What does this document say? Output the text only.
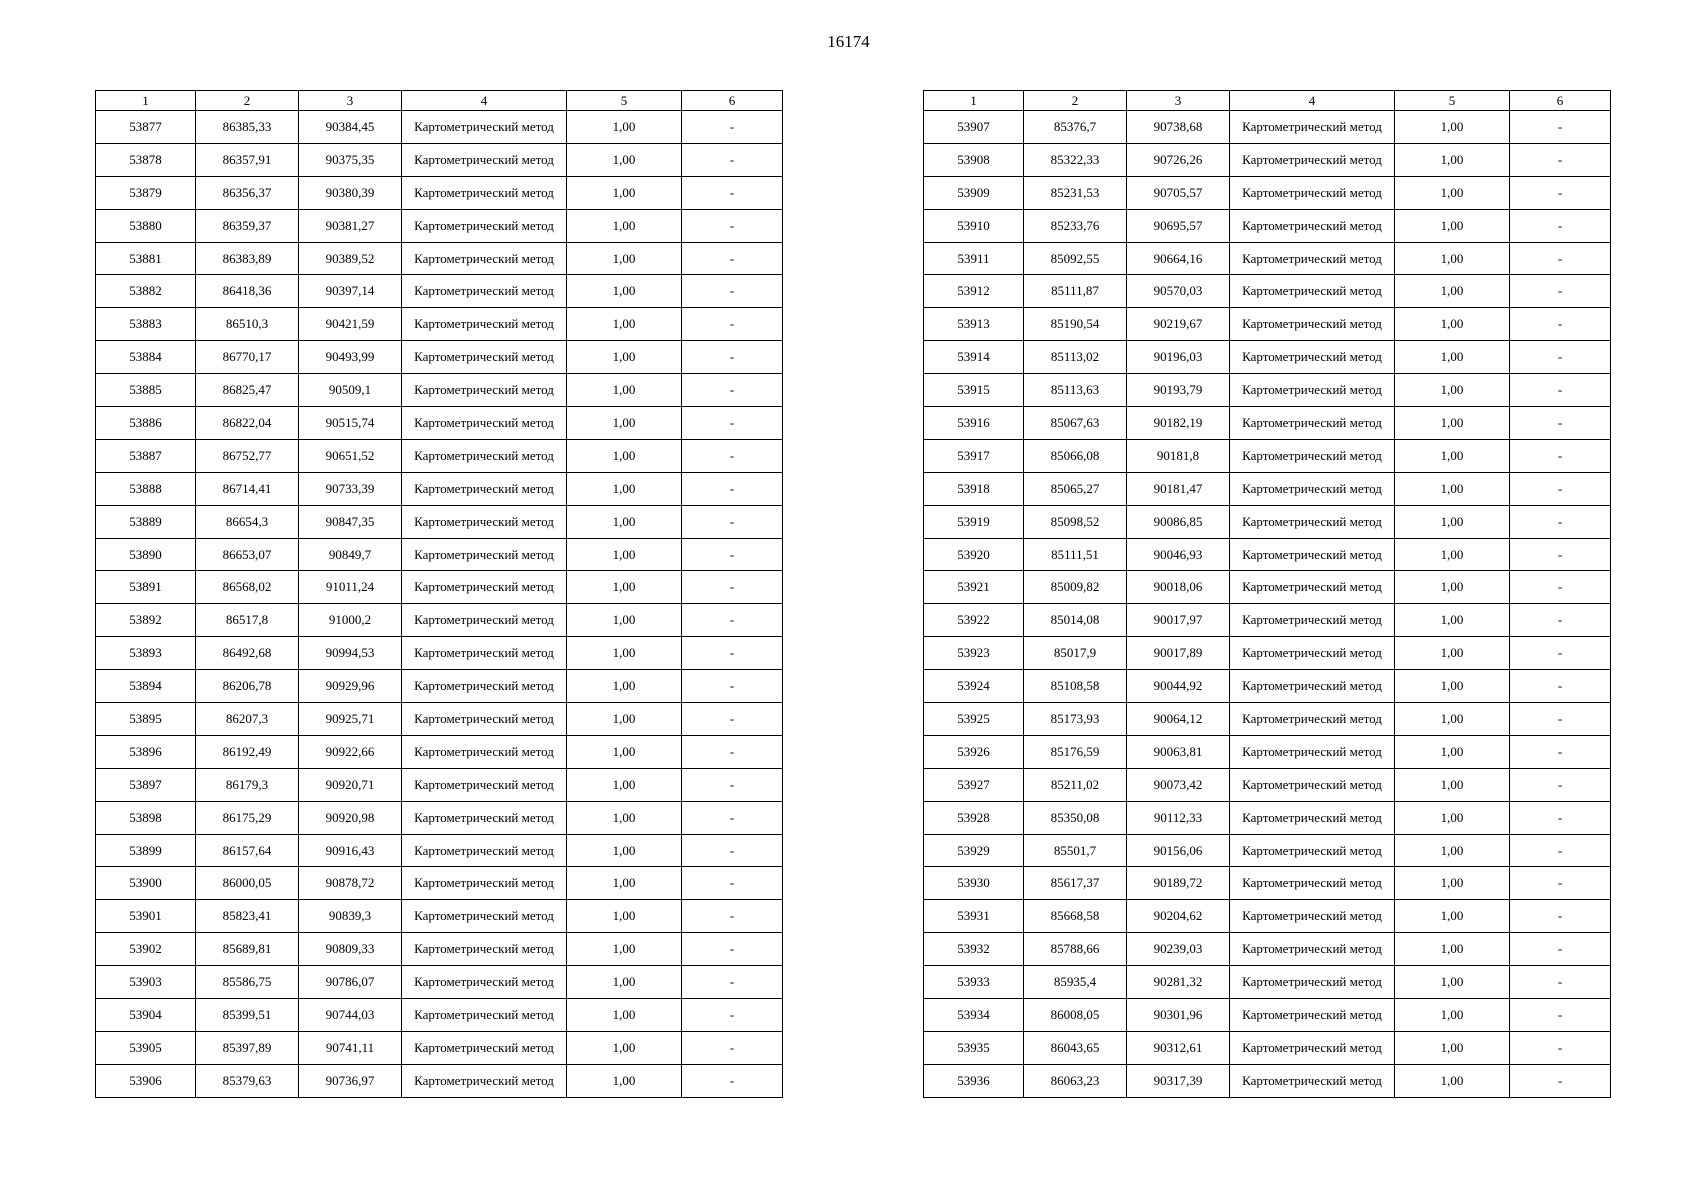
16174
1	2	3	4	5	6
53877	86385,33	90384,45	Картометрический метод	1,00	-
53878	86357,91	90375,35	Картометрический метод	1,00	-
53879	86356,37	90380,39	Картометрический метод	1,00	-
53880	86359,37	90381,27	Картометрический метод	1,00	-
53881	86383,89	90389,52	Картометрический метод	1,00	-
53882	86418,36	90397,14	Картометрический метод	1,00	-
53883	86510,3	90421,59	Картометрический метод	1,00	-
53884	86770,17	90493,99	Картометрический метод	1,00	-
53885	86825,47	90509,1	Картометрический метод	1,00	-
53886	86822,04	90515,74	Картометрический метод	1,00	-
53887	86752,77	90651,52	Картометрический метод	1,00	-
53888	86714,41	90733,39	Картометрический метод	1,00	-
53889	86654,3	90847,35	Картометрический метод	1,00	-
53890	86653,07	90849,7	Картометрический метод	1,00	-
53891	86568,02	91011,24	Картометрический метод	1,00	-
53892	86517,8	91000,2	Картометрический метод	1,00	-
53893	86492,68	90994,53	Картометрический метод	1,00	-
53894	86206,78	90929,96	Картометрический метод	1,00	-
53895	86207,3	90925,71	Картометрический метод	1,00	-
53896	86192,49	90922,66	Картометрический метод	1,00	-
53897	86179,3	90920,71	Картометрический метод	1,00	-
53898	86175,29	90920,98	Картометрический метод	1,00	-
53899	86157,64	90916,43	Картометрический метод	1,00	-
53900	86000,05	90878,72	Картометрический метод	1,00	-
53901	85823,41	90839,3	Картометрический метод	1,00	-
53902	85689,81	90809,33	Картометрический метод	1,00	-
53903	85586,75	90786,07	Картометрический метод	1,00	-
53904	85399,51	90744,03	Картометрический метод	1,00	-
53905	85397,89	90741,11	Картометрический метод	1,00	-
53906	85379,63	90736,97	Картометрический метод	1,00	-
1	2	3	4	5	6
53907	85376,7	90738,68	Картометрический метод	1,00	-
53908	85322,33	90726,26	Картометрический метод	1,00	-
53909	85231,53	90705,57	Картометрический метод	1,00	-
53910	85233,76	90695,57	Картометрический метод	1,00	-
53911	85092,55	90664,16	Картометрический метод	1,00	-
53912	85111,87	90570,03	Картометрический метод	1,00	-
53913	85190,54	90219,67	Картометрический метод	1,00	-
53914	85113,02	90196,03	Картометрический метод	1,00	-
53915	85113,63	90193,79	Картометрический метод	1,00	-
53916	85067,63	90182,19	Картометрический метод	1,00	-
53917	85066,08	90181,8	Картометрический метод	1,00	-
53918	85065,27	90181,47	Картометрический метод	1,00	-
53919	85098,52	90086,85	Картометрический метод	1,00	-
53920	85111,51	90046,93	Картометрический метод	1,00	-
53921	85009,82	90018,06	Картометрический метод	1,00	-
53922	85014,08	90017,97	Картометрический метод	1,00	-
53923	85017,9	90017,89	Картометрический метод	1,00	-
53924	85108,58	90044,92	Картометрический метод	1,00	-
53925	85173,93	90064,12	Картометрический метод	1,00	-
53926	85176,59	90063,81	Картометрический метод	1,00	-
53927	85211,02	90073,42	Картометрический метод	1,00	-
53928	85350,08	90112,33	Картометрический метод	1,00	-
53929	85501,7	90156,06	Картометрический метод	1,00	-
53930	85617,37	90189,72	Картометрический метод	1,00	-
53931	85668,58	90204,62	Картометрический метод	1,00	-
53932	85788,66	90239,03	Картометрический метод	1,00	-
53933	85935,4	90281,32	Картометрический метод	1,00	-
53934	86008,05	90301,96	Картометрический метод	1,00	-
53935	86043,65	90312,61	Картометрический метод	1,00	-
53936	86063,23	90317,39	Картометрический метод	1,00	-
